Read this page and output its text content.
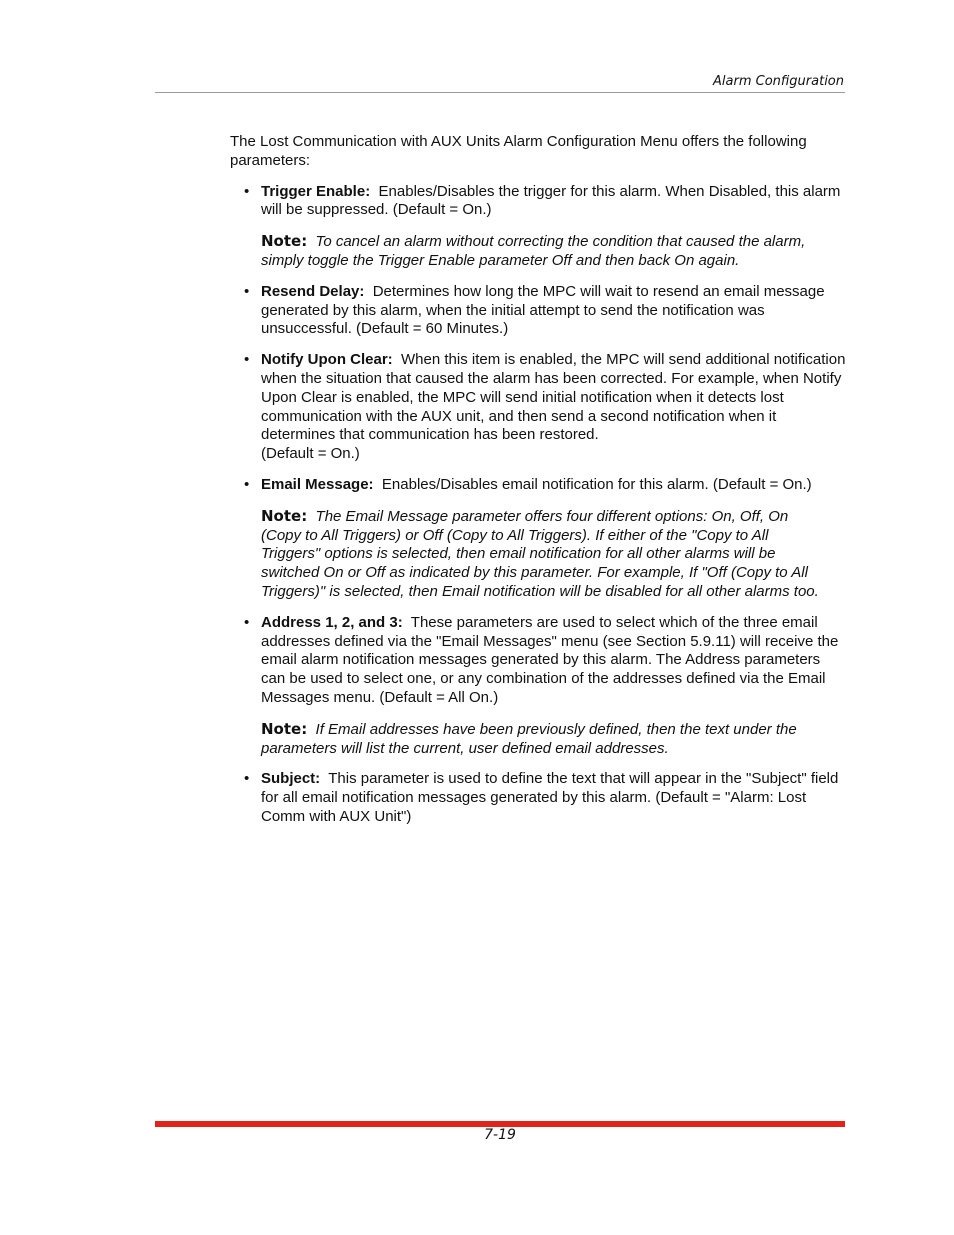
Alarm Configuration

The Lost Communication with AUX Units Alarm Configuration Menu offers the following parameters:

• Trigger Enable: Enables/Disables the trigger for this alarm. When Disabled, this alarm will be suppressed. (Default = On.)
Note: To cancel an alarm without correcting the condition that caused the alarm, simply toggle the Trigger Enable parameter Off and then back On again.
• Resend Delay: Determines how long the MPC will wait to resend an email message generated by this alarm, when the initial attempt to send the notification was unsuccessful. (Default = 60 Minutes.)
• Notify Upon Clear: When this item is enabled, the MPC will send additional notification when the situation that caused the alarm has been corrected. For example, when Notify Upon Clear is enabled, the MPC will send initial notification when it detects lost communication with the AUX unit, and then send a second notification when it determines that communication has been restored.
(Default = On.)
• Email Message: Enables/Disables email notification for this alarm. (Default = On.)
Note: The Email Message parameter offers four different options: On, Off, On (Copy to All Triggers) or Off (Copy to All Triggers). If either of the "Copy to All Triggers" options is selected, then email notification for all other alarms will be switched On or Off as indicated by this parameter. For example, If "Off (Copy to All Triggers)" is selected, then Email notification will be disabled for all other alarms too.
• Address 1, 2, and 3: These parameters are used to select which of the three email addresses defined via the "Email Messages" menu (see Section 5.9.11) will receive the email alarm notification messages generated by this alarm. The Address parameters can be used to select one, or any combination of the addresses defined via the Email Messages menu. (Default = All On.)
Note: If Email addresses have been previously defined, then the text under the parameters will list the current, user defined email addresses.
• Subject: This parameter is used to define the text that will appear in the "Subject" field for all email notification messages generated by this alarm. (Default = "Alarm: Lost Comm with AUX Unit")
7-19
